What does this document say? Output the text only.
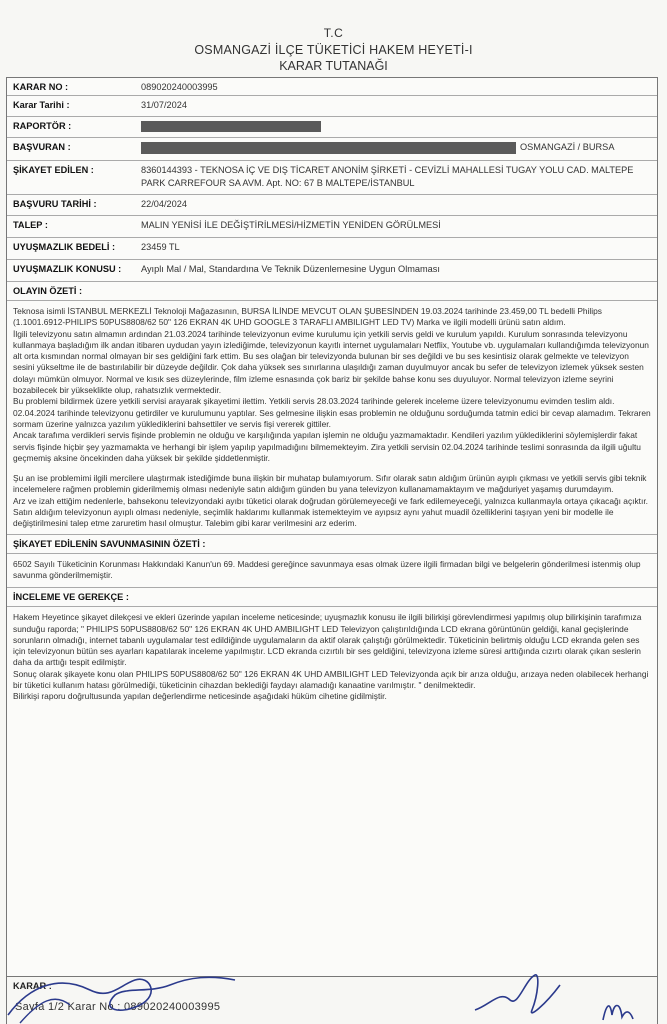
T.C
OSMANGAZİ İLÇE TÜKETİCİ HAKEM HEYETİ-I
KARAR TUTANAĞI
KARAR NO :	089020240003995
Karar Tarihi :	31/07/2024
RAPORTÖR :
BAŞVURAN :	OSMANGAZİ / BURSA
ŞİKAYET EDİLEN :	8360144393 - TEKNOSA İÇ VE DIŞ TİCARET ANONİM ŞİRKETİ - CEVİZLİ MAHALLESİ TUGAY YOLU CAD. MALTEPE PARK CARREFOUR SA AVM. Apt. NO: 67 B MALTEPE/İSTANBUL
BAŞVURU TARİHİ :	22/04/2024
TALEP :	MALIN YENİSİ İLE DEĞİŞTİRİLMESİ/HİZMETİN YENİDEN GÖRÜLMESİ
UYUŞMAZLIK BEDELİ :	23459 TL
UYUŞMAZLIK KONUSU :	Ayıplı Mal / Mal, Standardına Ve Teknik Düzenlemesine Uygun Olmaması
OLAYIN ÖZETİ :

Teknosa isimli İSTANBUL MERKEZLİ Teknoloji Mağazasının, BURSA İLİNDE MEVCUT OLAN ŞUBESİNDEN 19.03.2024 tarihinde 23.459,00 TL bedelli Philips (1.1001.6912-PHILIPS 50PUS8808/62 50" 126 EKRAN 4K UHD GOOGLE 3 TARAFLI AMBILIGHT LED TV) Marka ve ilgili modelli ürünü satın aldım.

İlgili televizyonu satın almamın ardından 21.03.2024 tarihinde televizyonun evime kurulumu için yetkili servis geldi ve kurulum yapıldı. Kurulum sonrasında televizyonu kullanmaya başladığım ilk andan itibaren uydudan yayın izlediğimde, televizyonun kayıtlı internet uygulamaları Netflix, Youtube vb. uygulamaları kullandığımda televizyonun alt orta kısmından normal olmayan bir ses geldiğini fark ettim. Bu ses olağan bir televizyonda bulunan bir ses değildi ve bu ses kesintisiz olarak gelmekte ve televizyon sesini yükseltme ile de bastırılabilir bir düzeyde değildir. Çok daha yüksek ses sınırlarına ulaşıldığı zaman duyulmuyor ancak bu sefer de televizyon izlemek yüksek sesten dolayı mümkün olmuyor. Normal ve kısık ses düzeylerinde, film izleme esnasında çok bariz bir şekilde bahse konu ses duyuluyor. Normal televizyon izleme seyrini bozabilecek bir yükseklikte olup, rahatsızlık vermektedir.

Bu problemi bildirmek üzere yetkili servisi arayarak şikayetimi ilettim. Yetkili servis 28.03.2024 tarihinde gelerek inceleme üzere televizyonumu evimden teslim aldı. 02.04.2024 tarihinde televizyonu getirdiler ve kurulumunu yaptılar. Ses gelmesine ilişkin esas problemin ne olduğunu sorduğumda tatmin edici bir cevap alamadım. Tekraren sormam üzerine yalnızca yazılım yüklediklerini bahsettiler ve servis fişi vererek gittiler.

Ancak tarafıma verdikleri servis fişinde problemin ne olduğu ve karşılığında yapılan işlemin ne olduğu yazmamaktadır. Kendileri yazılım yüklediklerini söylemişlerdir fakat servis fişinde hiçbir şey yazmamakta ve herhangi bir işlem yapılıp yapılmadığını bilmemekteyim. Zira yetkili servisin 02.04.2024 tarihinde teslimi sonrasında da ilgili uğultu geçmemiş aksine öncekinden daha yüksek bir şekilde şiddetlenmiştir.

Şu an ise problemimi ilgili mercilere ulaştırmak istediğimde buna ilişkin bir muhatap bulamıyorum. Sıfır olarak satın aldığım ürünün ayıplı çıkması ve yetkili servis gibi teknik incelemelere rağmen problemin giderilmemiş olması nedeniyle satın aldığım günden bu yana televizyon kullanamamaktayım ve mağduriyet yaşamış durumdayım.

Arz ve izah ettiğim nedenlerle, bahsekonu televizyondaki ayıbı tüketici olarak doğrudan görülemeyeceği ve fark edilemeyeceği, yalnızca kullanmayla ortaya çıkacağı açıktır. Satın aldığım televizyonun ayıplı olması nedeniyle, seçimlik haklarımı kullanmak istemekteyim ve ayıpsız aynı yahut muadil özelliklerini taşıyan yeni bir modelle ile değiştirilmesini talep etme zaruretim hasıl olmuştur. Talebim gibi karar verilmesini arz ederim.

ŞİKAYET EDİLENİN SAVUNMASININ ÖZETİ :

6502 Sayılı Tüketicinin Korunması Hakkındaki Kanun'un 69. Maddesi gereğince savunmaya esas olmak üzere ilgili firmadan bilgi ve belgelerin gönderilmesi istenmiş olup savunma gönderilmemiştir.

İNCELEME VE GEREKÇE :

Hakem Heyetince şikayet dilekçesi ve ekleri üzerinde yapılan inceleme neticesinde; uyuşmazlık konusu ile ilgili bilirkişi görevlendirmesi yapılmış olup bilirkişinin tarafımıza sunduğu raporda; " PHILIPS 50PUS8808/62 50" 126 EKRAN 4K UHD AMBILIGHT LED Televizyon çalıştırıldığında LCD ekrana görüntünün geldiği, kanal geçişlerinde sorunların olmadığı, internet tabanlı uygulamalar test edildiğinde uygulamaların da aktif olarak çalıştığı görülmektedir. Tüketicinin belirtmiş olduğu LCD ekranda gelen ses için televizyonun bütün ses ayarları kapatılarak inceleme yapılmıştır. LCD ekranda cızırtılı bir ses geldiğini, televizyona izleme süresi arttığında cızırtı olarak çıkan seslerin daha da arttığı tespit edilmiştir.

Sonuç olarak şikayete konu olan PHILIPS 50PUS8808/62 50" 126 EKRAN 4K UHD AMBILIGHT LED Televizyonda açık bir arıza olduğu, arızaya neden olabilecek herhangi bir tüketici kullanım hatası görülmediği, tüketicinin cihazdan beklediği faydayı alamadığı kanaatine varılmıştır. " denilmektedir.

Bilirkişi raporu doğrultusunda yapılan değerlendirme neticesinde aşağıdaki hüküm cihetine gidilmiştir.

KARAR :
Sayfa 1/2 Karar No : 089020240003995
